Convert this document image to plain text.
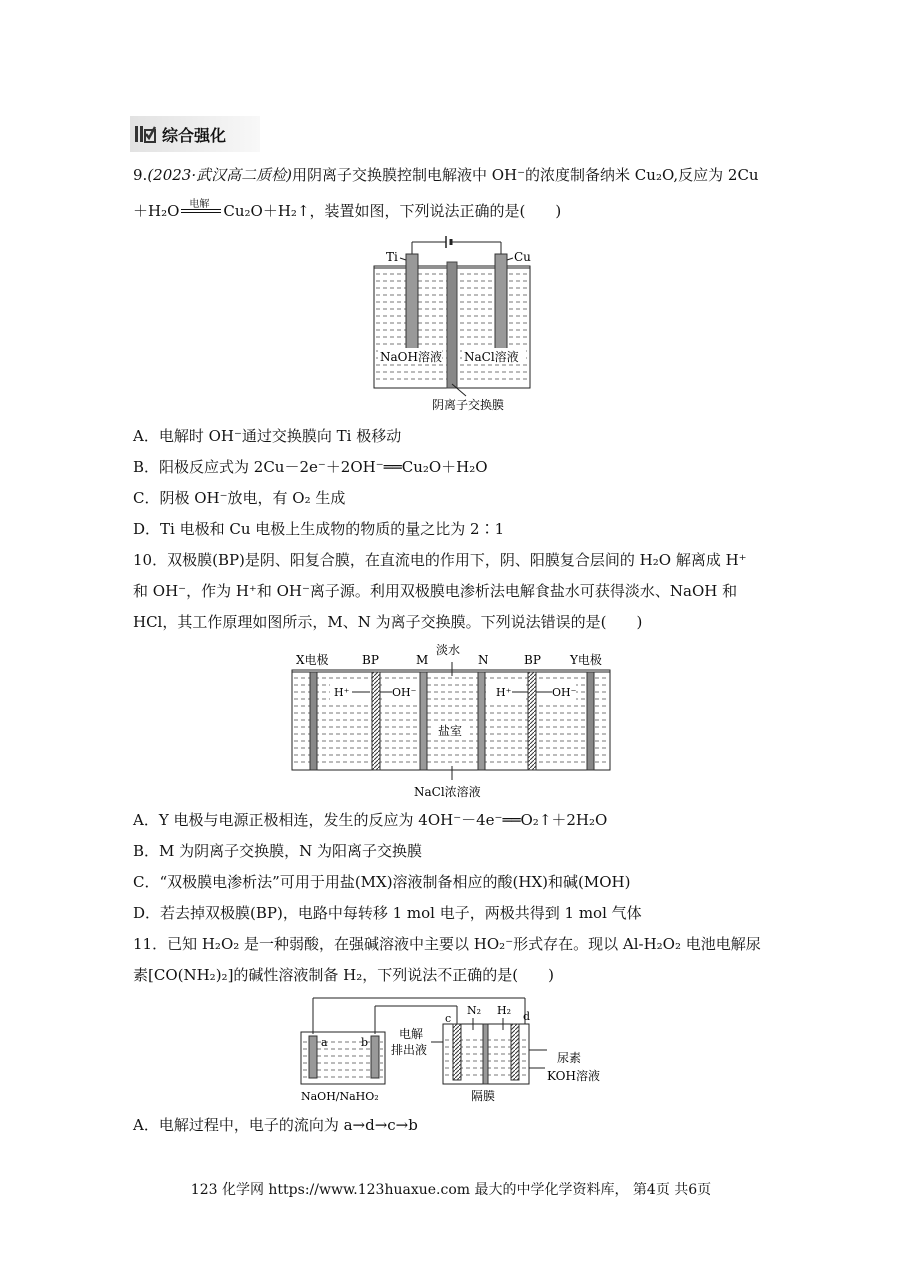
综合强化
9.(2023·武汉高二质检)用阴离子交换膜控制电解液中 OH⁻的浓度制备纳米 Cu₂O,反应为 2Cu
＋H₂O 电解 Cu₂O＋H₂↑，装置如图，下列说法正确的是(　　)
Ti	Cu
NaOH溶液 NaCl溶液
阴离子交换膜
A．电解时 OH⁻通过交换膜向 Ti 极移动
B．阳极反应式为 2Cu－2e⁻＋2OH⁻══Cu₂O＋H₂O
C．阴极 OH⁻放电，有 O₂ 生成
D．Ti 电极和 Cu 电极上生成物的物质的量之比为 2∶1
10．双极膜(BP)是阴、阳复合膜，在直流电的作用下，阴、阳膜复合层间的 H₂O 解离成 H⁺
和 OH⁻，作为 H⁺和 OH⁻离子源。利用双极膜电渗析法电解食盐水可获得淡水、NaOH 和
HCl，其工作原理如图所示，M、N 为离子交换膜。下列说法错误的是(　　)
H⁺	OH⁻	H⁺	OH⁻
X电极	BP	M
淡水
N	BP Y电极
盐室
NaCl浓溶液
A．Y 电极与电源正极相连，发生的反应为 4OH⁻－4e⁻══O₂↑＋2H₂O
B．M 为阴离子交换膜，N 为阳离子交换膜
C．“双极膜电渗析法”可用于用盐(MX)溶液制备相应的酸(HX)和碱(MOH)
D．若去掉双极膜(BP)，电路中每转移 1 mol 电子，两极共得到 1 mol 气体
11．已知 H₂O₂ 是一种弱酸，在强碱溶液中主要以 HO₂⁻形式存在。现以 Al-H₂O₂ 电池电解尿
素[CO(NH₂)₂]的碱性溶液制备 H₂，下列说法不正确的是(　　)
a	b
NaOH/NaHO₂
c	d
N₂ H₂
电解
排出液
尿素
KOH溶液
隔膜
A．电解过程中，电子的流向为 a→d→c→b
123 化学网 https://www.123huaxue.com 最大的中学化学资料库， 第4页 共6页
